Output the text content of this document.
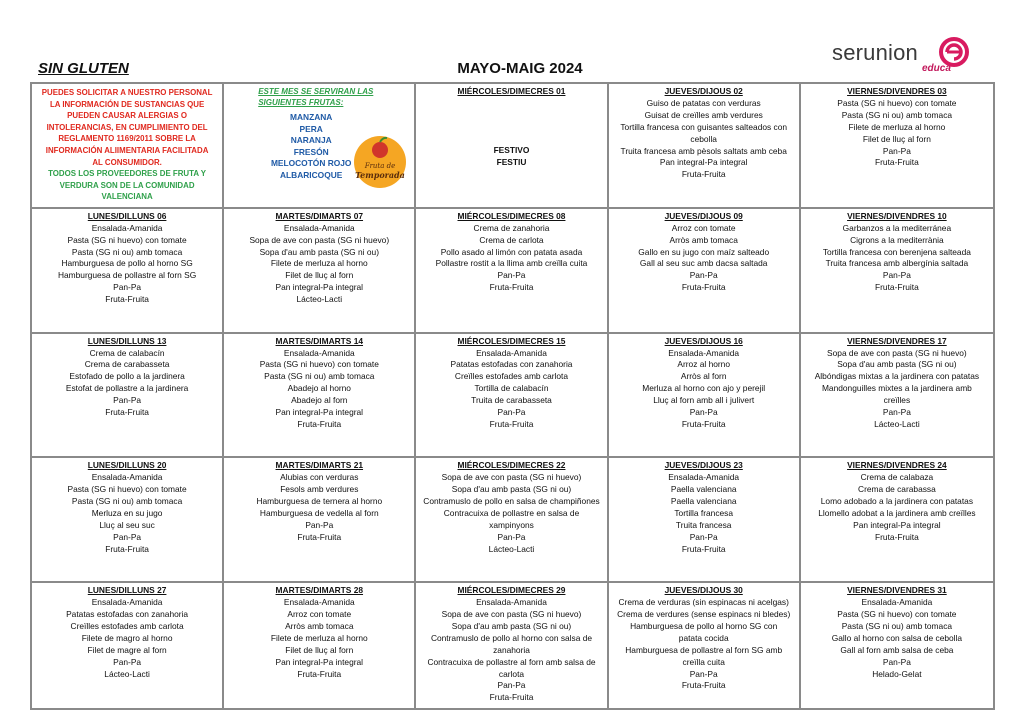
SIN GLUTEN	MAYO-MAIG 2024
serunion
educa
PUEDES SOLICITAR A NUESTRO PERSONAL
LA INFORMACIÓN DE SUSTANCIAS QUE
PUEDEN CAUSAR ALERGIAS O
INTOLERANCIAS, EN CUMPLIMIENTO DEL
REGLAMENTO 1169/2011 SOBRE LA
INFORMACIÓN ALIIMENTARIA FACILITADA
AL CONSUMIDOR.
TODOS LOS PROVEEDORES DE FRUTA Y
VERDURA SON DE LA COMUNIDAD
VALENCIANA
ESTE MES SE SERVIRAN LAS
SIGUIENTES FRUTAS:
MANZANA
PERA
NARANJA
FRESÓN
MELOCOTÓN ROJO
ALBARICOQUE
Fruta de
Temporada
MIÉRCOLES/DIMECRES 01
FESTIVO
FESTIU
JUEVES/DIJOUS 02
Guiso de patatas con verduras
Guisat de creïlles amb verdures
Tortilla francesa con guisantes salteados con
cebolla
Truita francesa amb pèsols saltats amb ceba
Pan integral-Pa integral
Fruta-Fruita
VIERNES/DIVENDRES 03
Pasta (SG ni huevo) con tomate
Pasta (SG ni ou) amb tomaca
Filete de merluza al horno
Filet de lluç al forn
Pan-Pa
Fruta-Fruita
LUNES/DILLUNS 06
Ensalada-Amanida
Pasta (SG ni huevo) con tomate
Pasta (SG ni ou) amb tomaca
Hamburguesa de pollo al horno SG
Hamburguesa de pollastre al forn SG
Pan-Pa
Fruta-Fruita
MARTES/DIMARTS 07
Ensalada-Amanida
Sopa de ave con pasta (SG ni huevo)
Sopa d'au amb pasta (SG ni ou)
Filete de merluza al horno
Filet de lluç al forn
Pan integral-Pa integral
Lácteo-Lacti
MIÉRCOLES/DIMECRES 08
Crema de zanahoria
Crema de carlota
Pollo asado al limón con patata asada
Pollastre rostit a la llima amb creïlla cuita
Pan-Pa
Fruta-Fruita
JUEVES/DIJOUS 09
Arroz con tomate
Arròs amb tomaca
Gallo en su jugo con maíz salteado
Gall al seu suc amb dacsa saltada
Pan-Pa
Fruta-Fruita
VIERNES/DIVENDRES 10
Garbanzos a la mediterránea
Cigrons a la mediterrània
Tortilla francesa con berenjena salteada
Truita francesa amb albergínia saltada
Pan-Pa
Fruta-Fruita
LUNES/DILLUNS 13
Crema de calabacín
Crema de carabasseta
Estofado de pollo a la jardinera
Estofat de pollastre a la jardinera
Pan-Pa
Fruta-Fruita
MARTES/DIMARTS 14
Ensalada-Amanida
Pasta (SG ni huevo) con tomate
Pasta (SG ni ou) amb tomaca
Abadejo al horno
Abadejo al forn
Pan integral-Pa integral
Fruta-Fruita
MIÉRCOLES/DIMECRES 15
Ensalada-Amanida
Patatas estofadas con zanahoria
Creïlles estofades amb carlota
Tortilla de calabacín
Truita de carabasseta
Pan-Pa
Fruta-Fruita
JUEVES/DIJOUS 16
Ensalada-Amanida
Arroz al horno
Arròs al forn
Merluza al horno con ajo y perejil
Lluç al forn amb all i julivert
Pan-Pa
Fruta-Fruita
VIERNES/DIVENDRES 17
Sopa de ave con pasta (SG ni huevo)
Sopa d'au amb pasta (SG ni ou)
Albóndigas mixtas a la jardinera con patatas
Mandonguilles mixtes a la jardinera amb
creïlles
Pan-Pa
Lácteo-Lacti
LUNES/DILLUNS 20
Ensalada-Amanida
Pasta (SG ni huevo) con tomate
Pasta (SG ni ou) amb tomaca
Merluza en su jugo
Lluç al seu suc
Pan-Pa
Fruta-Fruita
MARTES/DIMARTS 21
Alubias con verduras
Fesols amb verdures
Hamburguesa de ternera al horno
Hamburguesa de vedella al forn
Pan-Pa
Fruta-Fruita
MIÉRCOLES/DIMECRES 22
Sopa de ave con pasta (SG ni huevo)
Sopa d'au amb pasta (SG ni ou)
Contramuslo de pollo en salsa de champiñones
Contracuixa de pollastre en salsa de
xampinyons
Pan-Pa
Lácteo-Lacti
JUEVES/DIJOUS 23
Ensalada-Amanida
Paella valenciana
Paella valenciana
Tortilla francesa
Truita francesa
Pan-Pa
Fruta-Fruita
VIERNES/DIVENDRES 24
Crema de calabaza
Crema de carabassa
Lomo adobado a la jardinera con patatas
Llomello adobat a la jardinera amb creïlles
Pan integral-Pa integral
Fruta-Fruita
LUNES/DILLUNS 27
Ensalada-Amanida
Patatas estofadas con zanahoria
Creïlles estofades amb carlota
Filete de magro al horno
Filet de magre al forn
Pan-Pa
Lácteo-Lacti
MARTES/DIMARTS 28
Ensalada-Amanida
Arroz con tomate
Arròs amb tomaca
Filete de merluza al horno
Filet de lluç al forn
Pan integral-Pa integral
Fruta-Fruita
MIÉRCOLES/DIMECRES 29
Ensalada-Amanida
Sopa de ave con pasta (SG ni huevo)
Sopa d'au amb pasta (SG ni ou)
Contramuslo de pollo al horno con salsa de
zanahoria
Contracuixa de pollastre al forn amb salsa de
carlota
Pan-Pa
Fruta-Fruita
JUEVES/DIJOUS 30
Crema de verduras (sin espinacas ni acelgas)
Crema de verdures (sense espinacs ni bledes)
Hamburguesa de pollo al horno SG con
patata cocida
Hamburguesa de pollastre al forn SG amb
creïlla cuita
Pan-Pa
Fruta-Fruita
VIERNES/DIVENDRES 31
Ensalada-Amanida
Pasta (SG ni huevo) con tomate
Pasta (SG ni ou) amb tomaca
Gallo al horno con salsa de cebolla
Gall al forn amb salsa de ceba
Pan-Pa
Helado-Gelat
